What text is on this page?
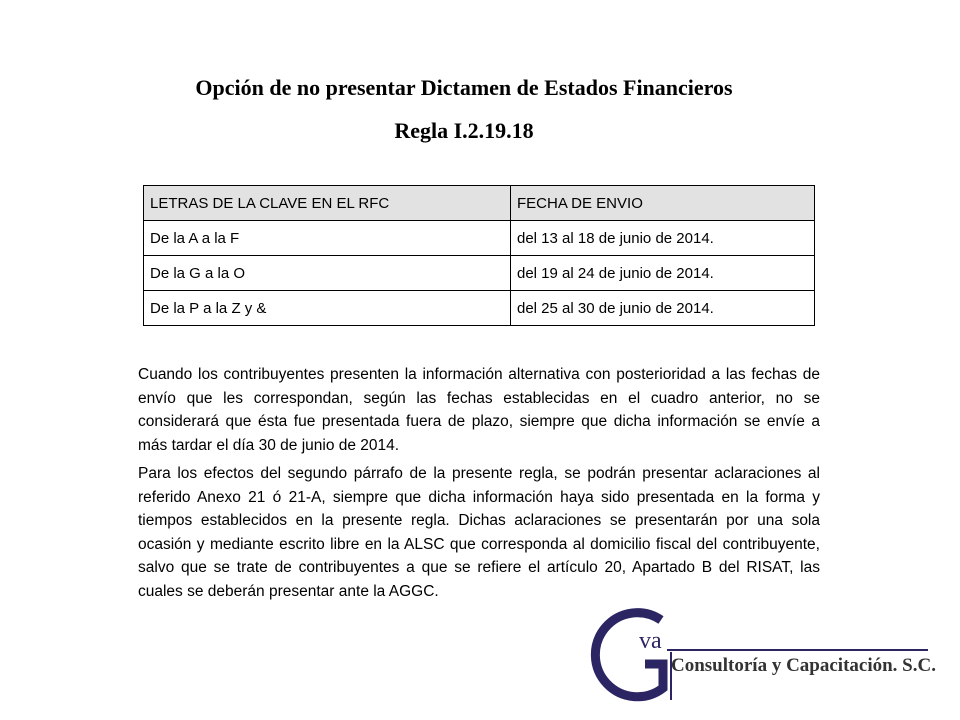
Opción de no presentar Dictamen de Estados Financieros
Regla I.2.19.18
LETRAS DE LA CLAVE EN EL RFC	FECHA DE ENVIO
De la A a la F	del 13 al 18 de junio de 2014.
De la G a la O	del 19 al 24 de junio de 2014.
De la P a la Z y &	del 25 al 30 de junio de 2014.

Cuando los contribuyentes presenten la información alternativa con posterioridad a las fechas de envío que les correspondan, según las fechas establecidas en el cuadro anterior, no se considerará que ésta fue presentada fuera de plazo, siempre que dicha información se envíe a más tardar el día 30 de junio de 2014.

Para los efectos del segundo párrafo de la presente regla, se podrán presentar aclaraciones al referido Anexo 21 ó 21-A, siempre que dicha información haya sido presentada en la forma y tiempos establecidos en la presente regla. Dichas aclaraciones se presentarán por una sola ocasión y mediante escrito libre en la ALSC que corresponda al domicilio fiscal del contribuyente, salvo que se trate de contribuyentes a que se refiere el artículo 20, Apartado B del RISAT, las cuales se deberán presentar ante la AGGC.

va
Consultoría y Capacitación. S.C.
